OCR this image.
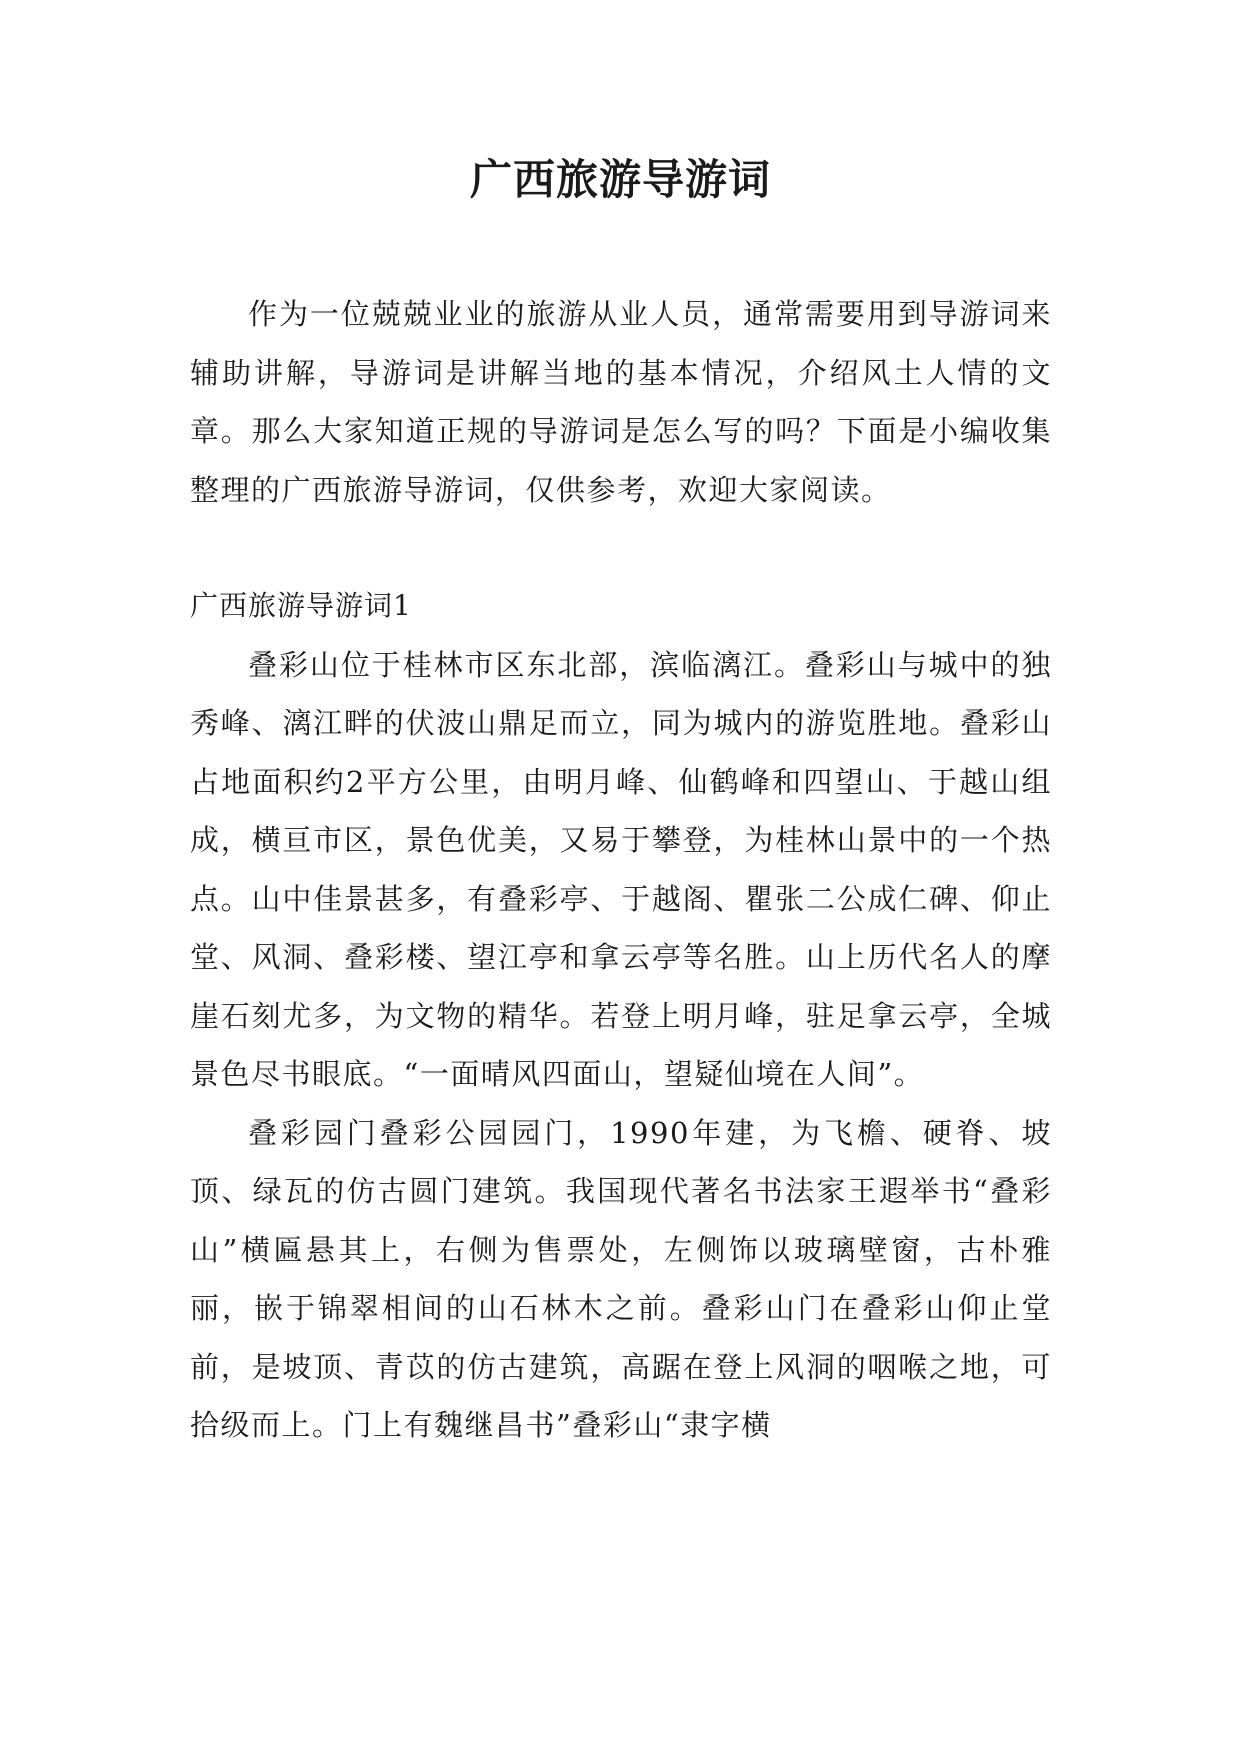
广西旅游导游词

作为一位兢兢业业的旅游从业人员，通常需要用到导游词来辅助讲解，导游词是讲解当地的基本情况，介绍风土人情的文章。那么大家知道正规的导游词是怎么写的吗？下面是小编收集整理的广西旅游导游词，仅供参考，欢迎大家阅读。

广西旅游导游词1

叠彩山位于桂林市区东北部，滨临漓江。叠彩山与城中的独秀峰、漓江畔的伏波山鼎足而立，同为城内的游览胜地。叠彩山占地面积约2平方公里，由明月峰、仙鹤峰和四望山、于越山组成，横亘市区，景色优美，又易于攀登，为桂林山景中的一个热点。山中佳景甚多，有叠彩亭、于越阁、瞿张二公成仁碑、仰止堂、风洞、叠彩楼、望江亭和拿云亭等名胜。山上历代名人的摩崖石刻尤多，为文物的精华。若登上明月峰，驻足拿云亭，全城景色尽书眼底。“一面晴风四面山，望疑仙境在人间”。

叠彩园门叠彩公园园门，1990年建，为飞檐、硬脊、坡顶、绿瓦的仿古圆门建筑。我国现代著名书法家王遐举书“叠彩山”横匾悬其上，右侧为售票处，左侧饰以玻璃壁窗，古朴雅丽，嵌于锦翠相间的山石林木之前。叠彩山门在叠彩山仰止堂前，是坡顶、青苡的仿古建筑，高踞在登上风洞的咽喉之地，可拾级而上。门上有魏继昌书”叠彩山“隶字横
